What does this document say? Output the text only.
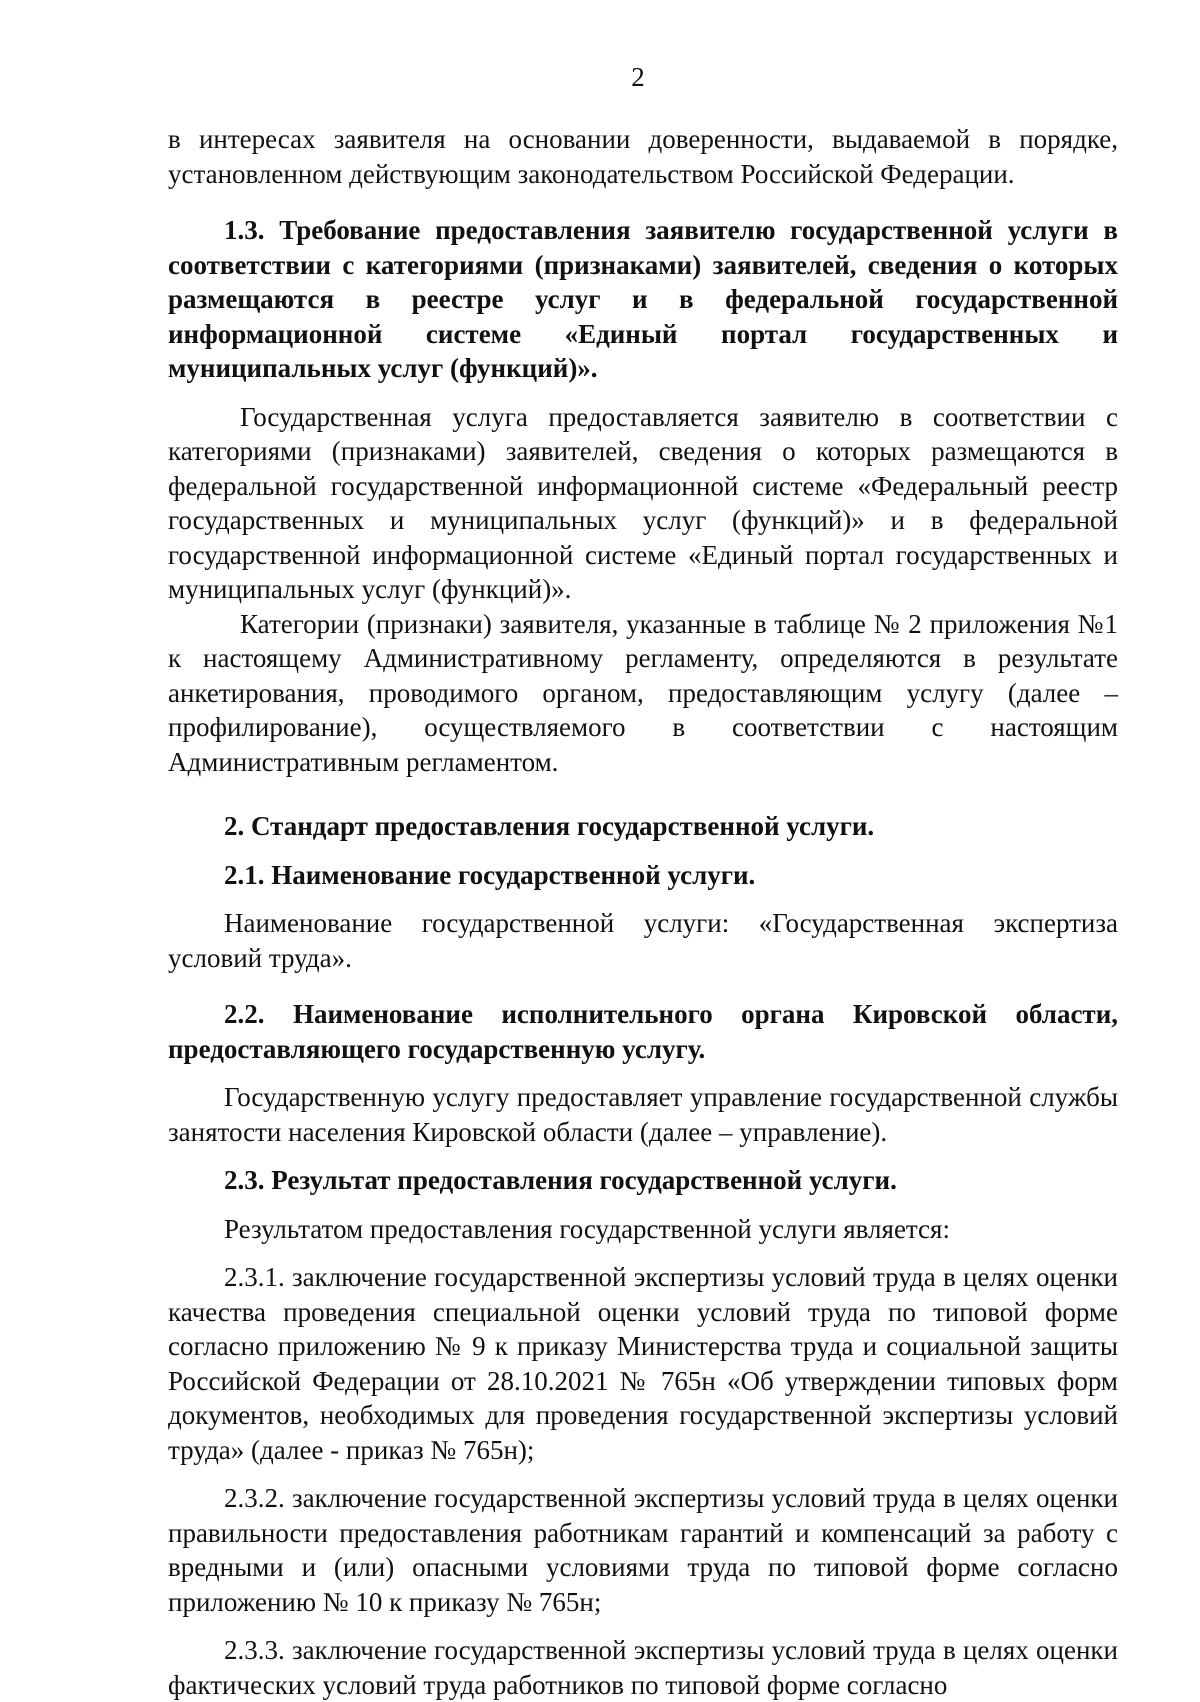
2

в интересах заявителя на основании доверенности, выдаваемой в порядке, установленном действующим законодательством Российской Федерации.

1.3. Требование предоставления заявителю государственной услуги в соответствии с категориями (признаками) заявителей, сведения о которых размещаются в реестре услуг и в федеральной государственной информационной системе «Единый портал государственных и муниципальных услуг (функций)».

Государственная услуга предоставляется заявителю в соответствии с категориями (признаками) заявителей, сведения о которых размещаются в федеральной государственной информационной системе «Федеральный реестр государственных и муниципальных услуг (функций)» и в федеральной государственной информационной системе «Единый портал государственных и муниципальных услуг (функций)».

Категории (признаки) заявителя, указанные в таблице № 2 приложения №1 к настоящему Административному регламенту, определяются в результате анкетирования, проводимого органом, предоставляющим услугу (далее – профилирование), осуществляемого в соответствии с настоящим Административным регламентом.

2. Стандарт предоставления государственной услуги.

2.1. Наименование государственной услуги.

Наименование государственной услуги: «Государственная экспертиза условий труда».

2.2. Наименование исполнительного органа Кировской области, предоставляющего государственную услугу.

Государственную услугу предоставляет управление государственной службы занятости населения Кировской области (далее – управление).

2.3. Результат предоставления государственной услуги.

Результатом предоставления государственной услуги является:

2.3.1. заключение государственной экспертизы условий труда в целях оценки качества проведения специальной оценки условий труда по типовой форме согласно приложению № 9 к приказу Министерства труда и социальной защиты Российской Федерации от 28.10.2021 № 765н «Об утверждении типовых форм документов, необходимых для проведения государственной экспертизы условий труда» (далее - приказ № 765н);

2.3.2. заключение государственной экспертизы условий труда в целях оценки правильности предоставления работникам гарантий и компенсаций за работу с вредными и (или) опасными условиями труда по типовой форме согласно приложению № 10 к приказу № 765н;

2.3.3. заключение государственной экспертизы условий труда в целях оценки фактических условий труда работников по типовой форме согласно
